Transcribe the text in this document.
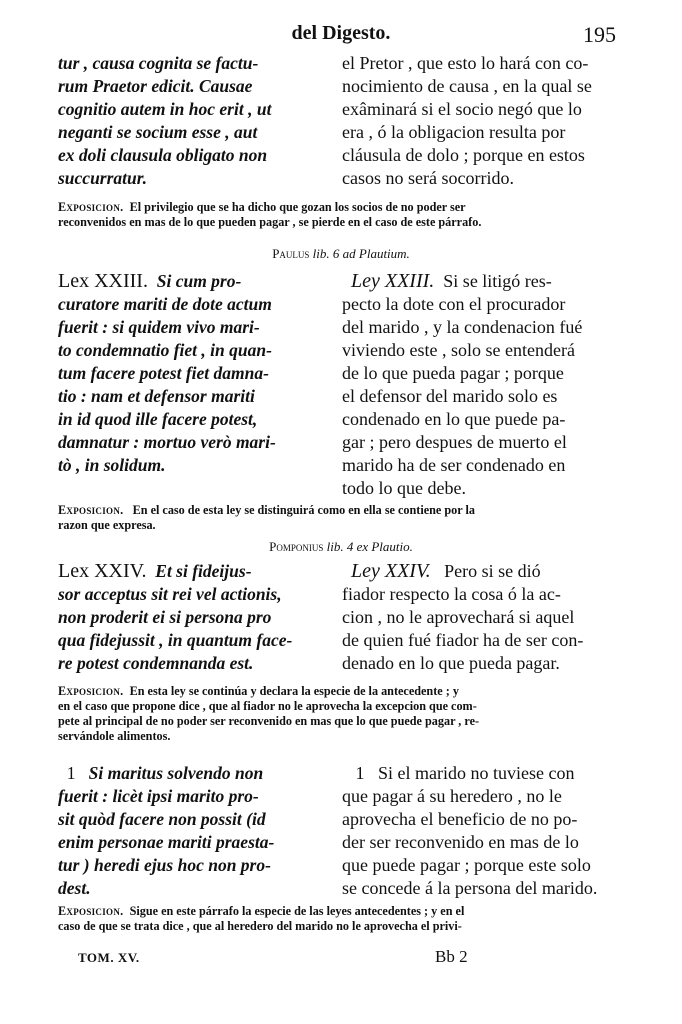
del Digesto.	195
tur , causa cognita se factu-
rum Praetor edicit. Causae
cognitio autem in hoc erit , ut
neganti se socium esse , aut
ex doli clausula obligato non
succurratur.
el Pretor , que esto lo hará con co-
nocimiento de causa , en la qual se
exâminará si el socio negó que lo
era , ó la obligacion resulta por
cláusula de dolo ; porque en estos
casos no será socorrido.
Exposicion. El privilegio que se ha dicho que gozan los socios de no poder ser
reconvenidos en mas de lo que pueden pagar , se pierde en el caso de este párrafo.
Paulus lib. 6 ad Plautium.
Lex XXIII. Si cum pro-
curatore mariti de dote actum
fuerit : si quidem vivo mari-
to condemnatio fiet , in quan-
tum facere potest fiet damna-
tio : nam et defensor mariti
in id quod ille facere potest,
damnatur : mortuo verò mari-
tò , in solidum.
Ley XXIII. Si se litigó res-
pecto la dote con el procurador
del marido , y la condenacion fué
viviendo este , solo se entenderá
de lo que pueda pagar ; porque
el defensor del marido solo es
condenado en lo que puede pa-
gar ; pero despues de muerto el
marido ha de ser condenado en
todo lo que debe.
Exposicion. En el caso de esta ley se distinguirá como en ella se contiene por la
razon que expresa.
Pomponius lib. 4 ex Plautio.
Lex XXIV. Et si fideijus-
sor acceptus sit rei vel actionis,
non proderit ei si persona pro
qua fidejussit , in quantum face-
re potest condemnanda est.
Ley XXIV. Pero si se dió
fiador respecto la cosa ó la ac-
cion , no le aprovechará si aquel
de quien fué fiador ha de ser con-
denado en lo que pueda pagar.
Exposicion. En esta ley se continúa y declara la especie de la antecedente ; y
en el caso que propone dice , que al fiador no le aprovecha la excepcion que com-
pete al principal de no poder ser reconvenido en mas que lo que puede pagar , re-
servándole alimentos.
1 Si maritus solvendo non
fuerit : licèt ipsi marito pro-
sit quòd facere non possit (id
enim personae mariti praesta-
tur ) heredi ejus hoc non pro-
dest.
1 Si el marido no tuviese con
que pagar á su heredero , no le
aprovecha el beneficio de no po-
der ser reconvenido en mas de lo
que puede pagar ; porque este solo
se concede á la persona del marido.
Exposicion. Sigue en este párrafo la especie de las leyes antecedentes ; y en el
caso de que se trata dice , que al heredero del marido no le aprovecha el privi-
TOM. XV.	Bb 2
